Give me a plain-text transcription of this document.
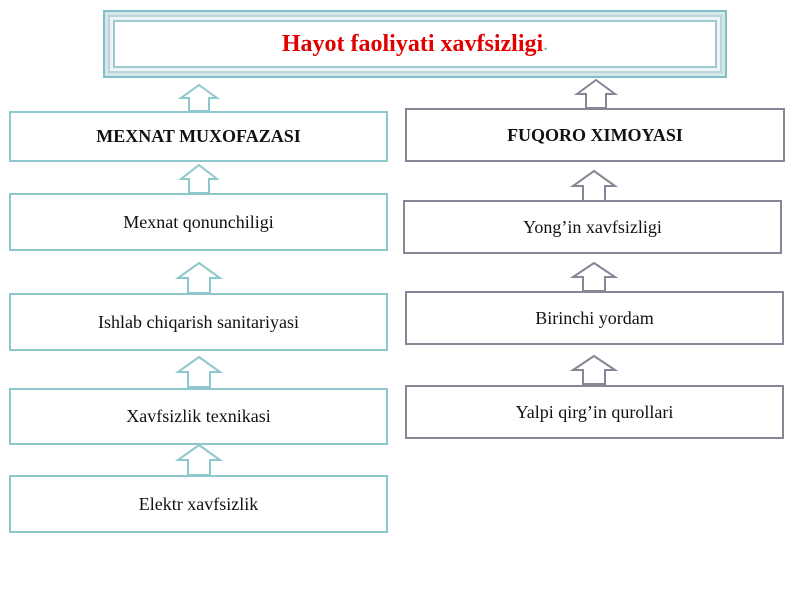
Hayot faoliyati xavfsizligi .
MEXNAT MUXOFAZASI
Mexnat qonunchiligi
Ishlab chiqarish sanitariyasi
Xavfsizlik texnikasi
Elektr xavfsizlik
FUQORO XIMOYASI
Yong’in xavfsizligi
Birinchi yordam
Yalpi qirg’in qurollari
